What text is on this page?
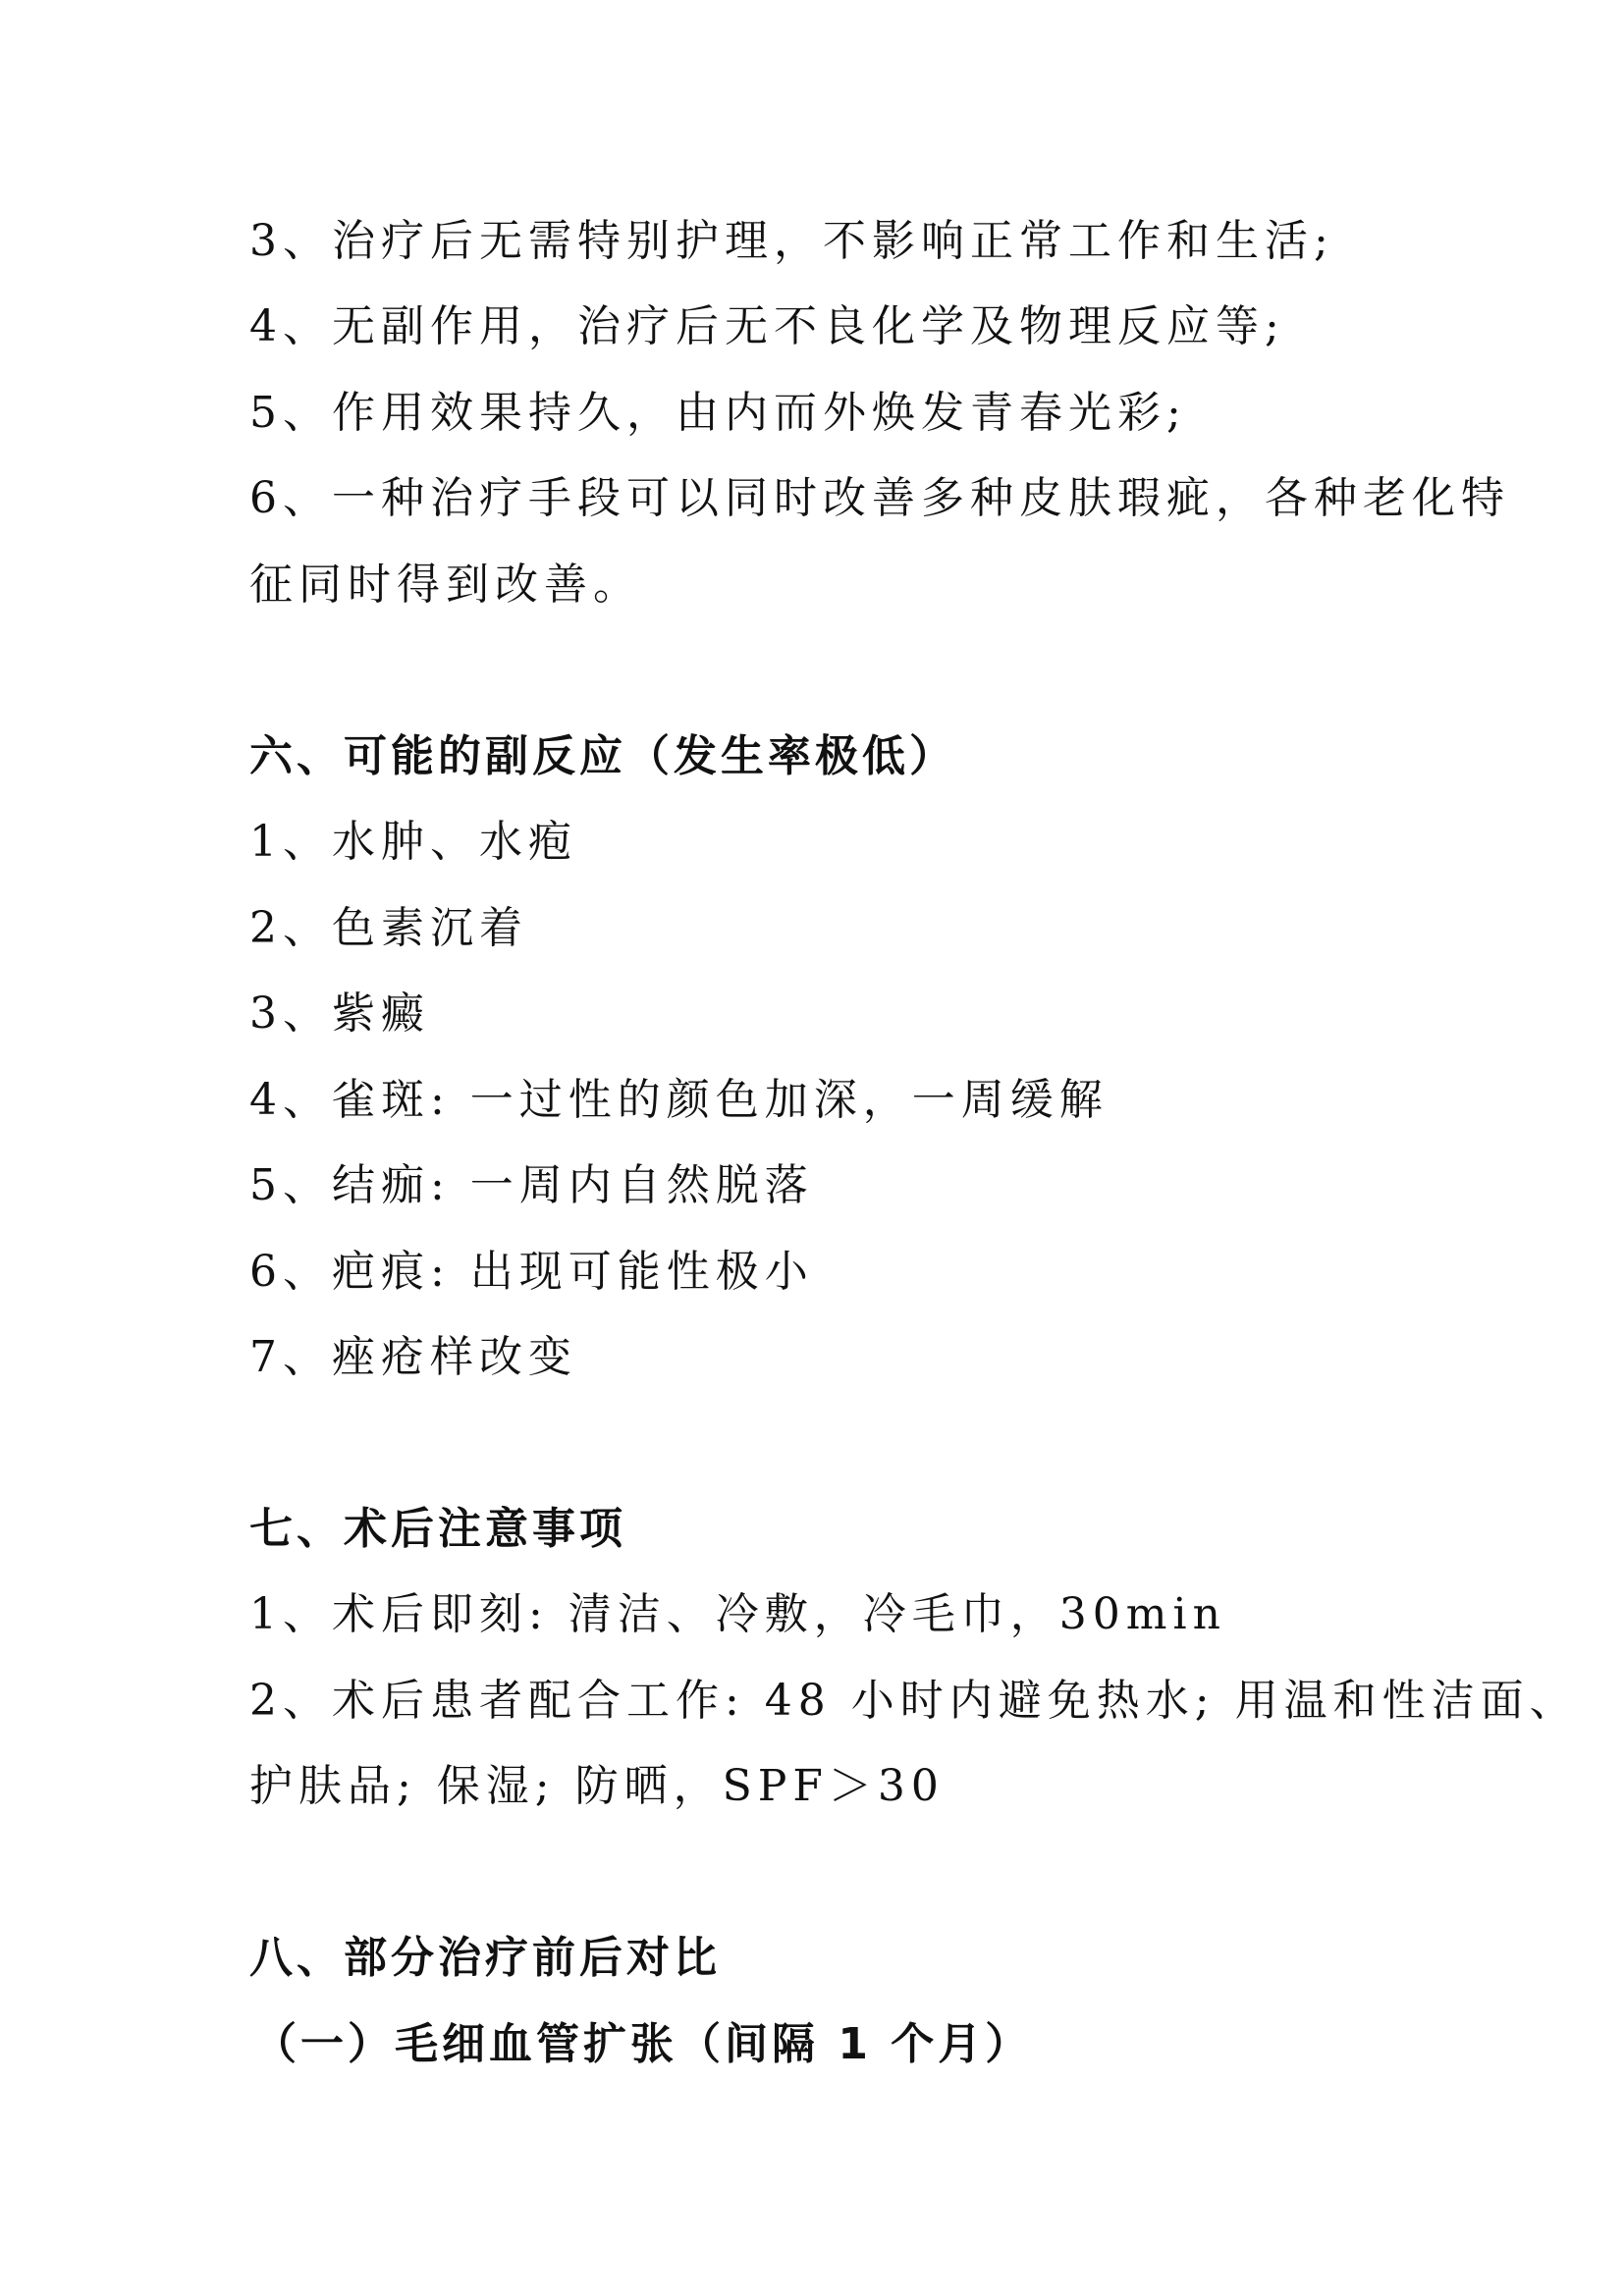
3、治疗后无需特别护理，不影响正常工作和生活;
4、无副作用，治疗后无不良化学及物理反应等;
5、作用效果持久，由内而外焕发青春光彩;
6、一种治疗手段可以同时改善多种皮肤瑕疵，各种老化特
征同时得到改善。
六、可能的副反应（发生率极低）
1、水肿、水疱
2、色素沉着
3、紫癜
4、雀斑: 一过性的颜色加深，一周缓解
5、结痂: 一周内自然脱落
6、疤痕: 出现可能性极小
7、痤疮样改变
七、术后注意事项
1、术后即刻: 清洁、冷敷，冷毛巾，30min
2、术后患者配合工作: 48 小时内避免热水; 用温和性洁面、
护肤品; 保湿; 防晒，SPF＞30
八、部分治疗前后对比
（一）毛细血管扩张（间隔 1 个月）
